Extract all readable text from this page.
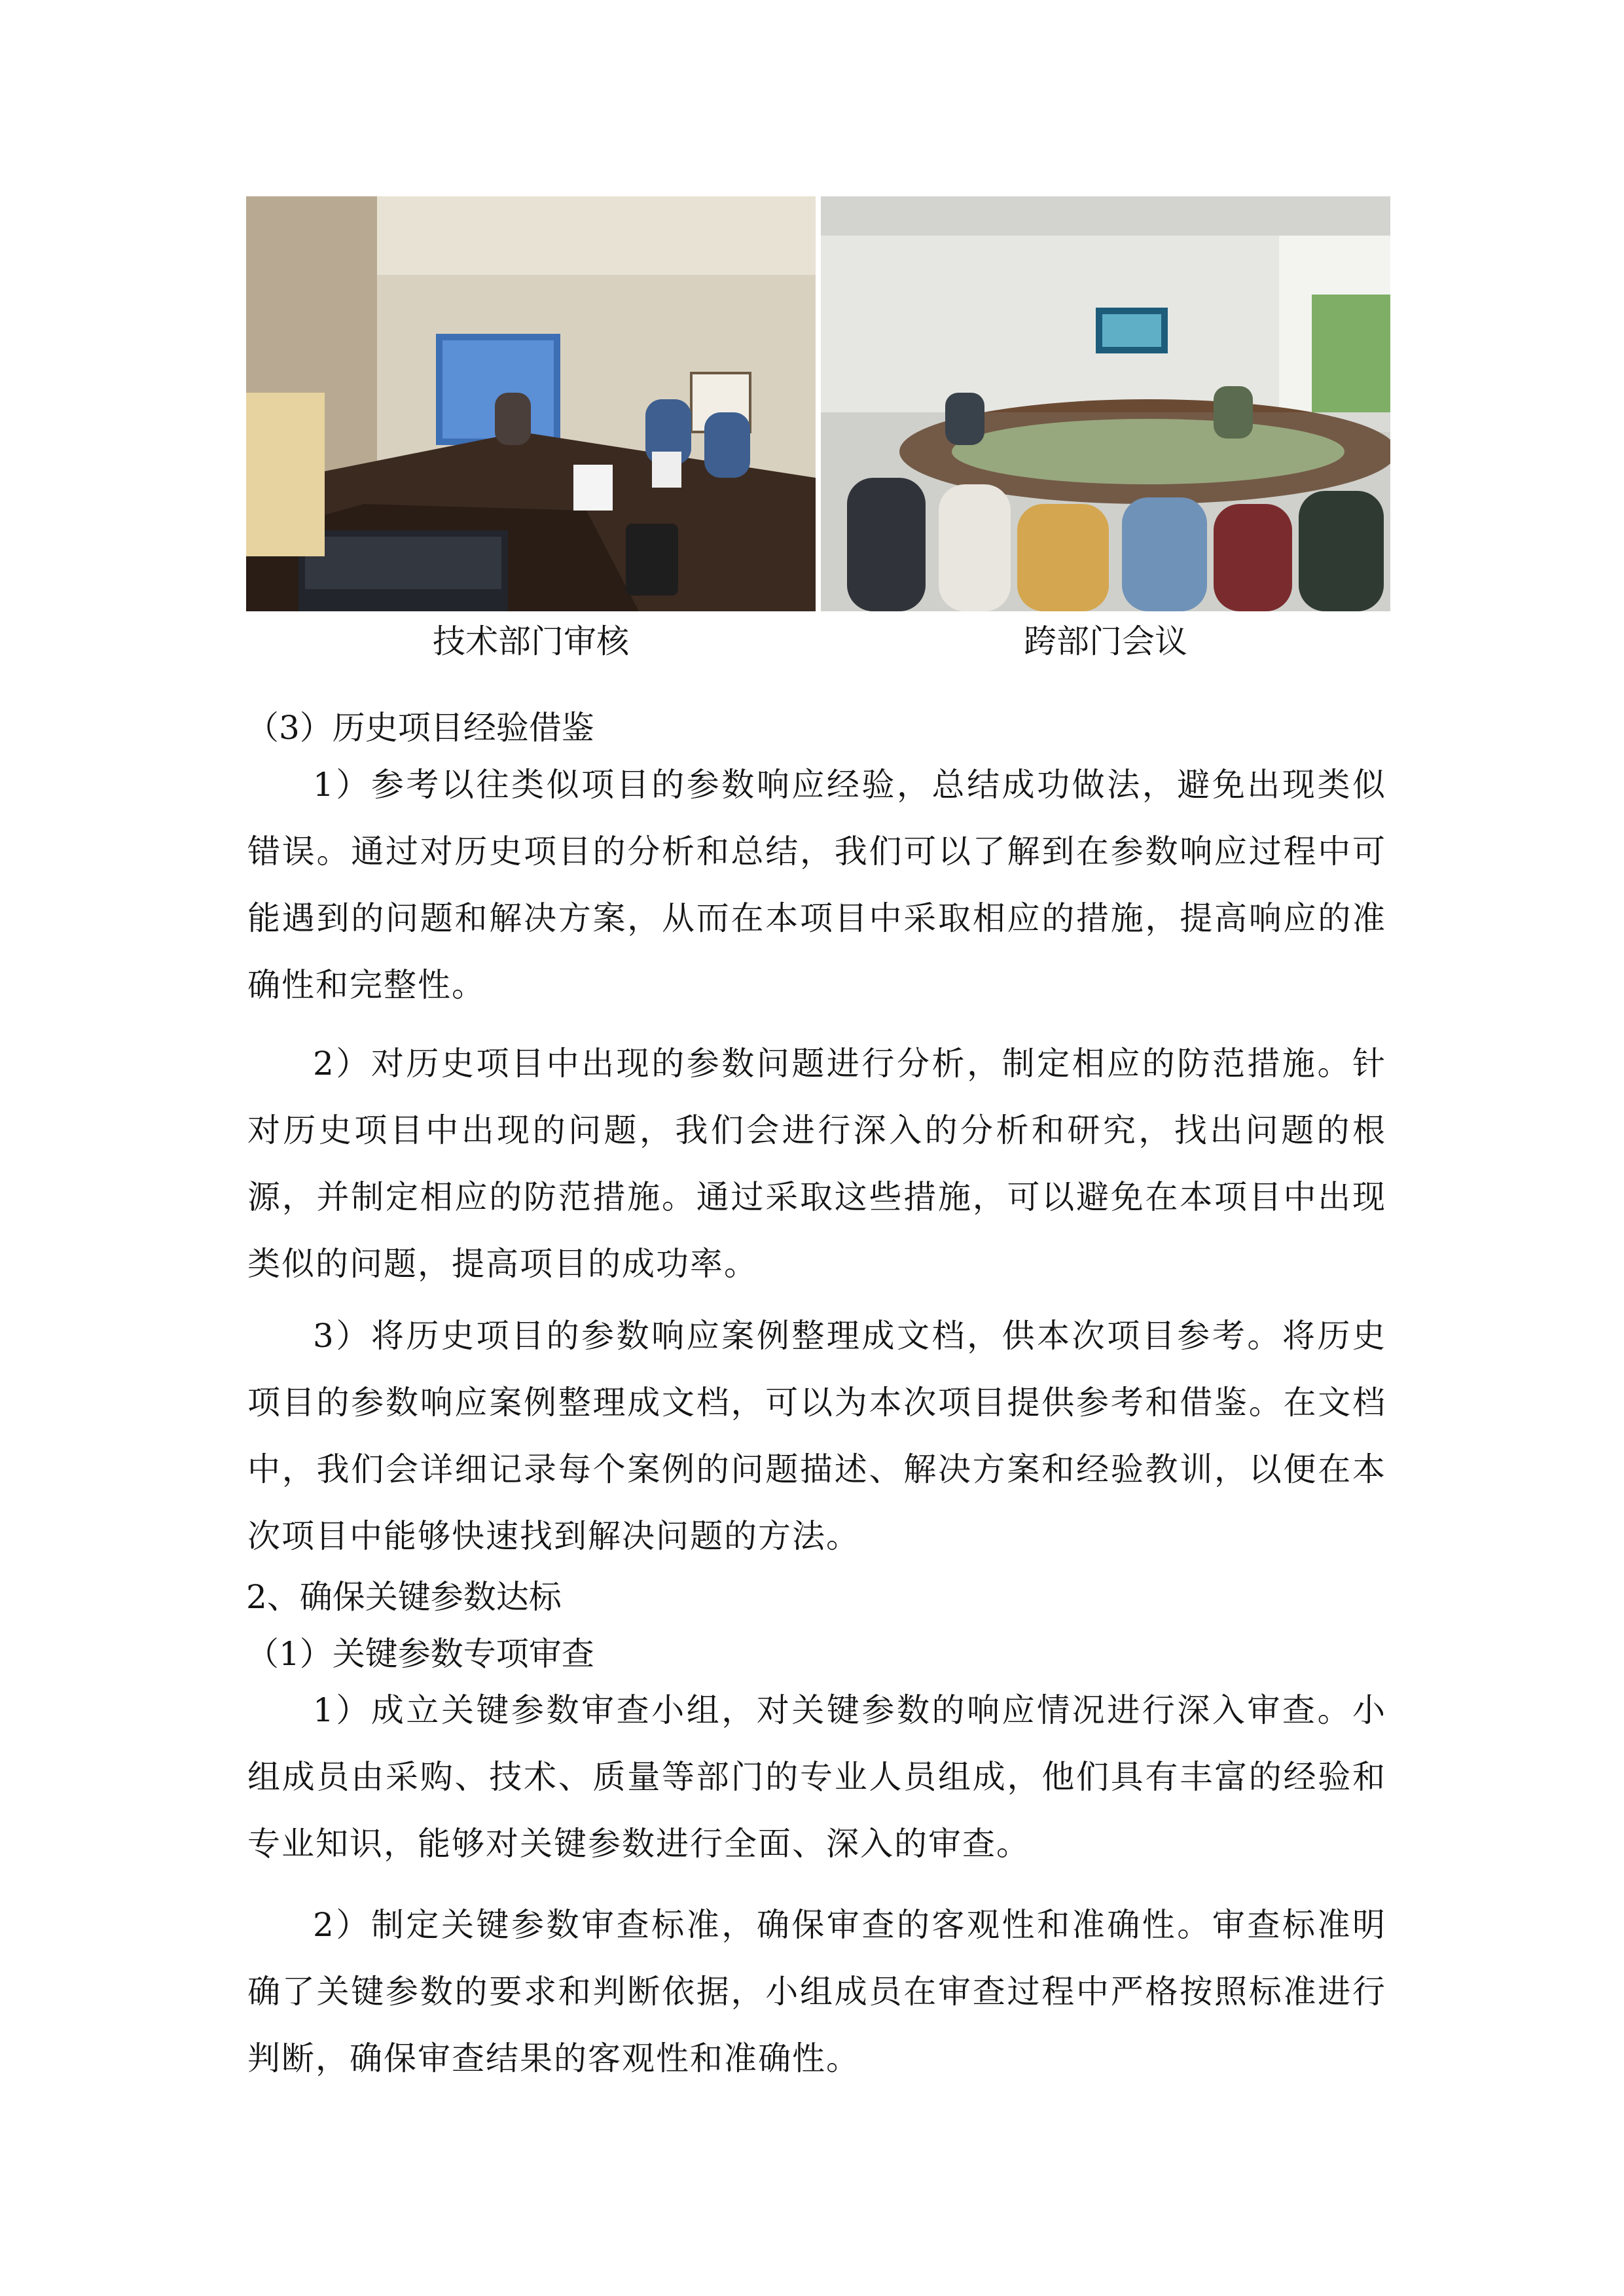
技术部门审核	跨部门会议
（3）历史项目经验借鉴

1）参考以往类似项目的参数响应经验，总结成功做法，避免出现类似错误。通过对历史项目的分析和总结，我们可以了解到在参数响应过程中可能遇到的问题和解决方案，从而在本项目中采取相应的措施，提高响应的准确性和完整性。

2）对历史项目中出现的参数问题进行分析，制定相应的防范措施。针对历史项目中出现的问题，我们会进行深入的分析和研究，找出问题的根源，并制定相应的防范措施。通过采取这些措施，可以避免在本项目中出现类似的问题，提高项目的成功率。

3）将历史项目的参数响应案例整理成文档，供本次项目参考。将历史项目的参数响应案例整理成文档，可以为本次项目提供参考和借鉴。在文档中，我们会详细记录每个案例的问题描述、解决方案和经验教训，以便在本次项目中能够快速找到解决问题的方法。

2、确保关键参数达标
（1）关键参数专项审查

1）成立关键参数审查小组，对关键参数的响应情况进行深入审查。小组成员由采购、技术、质量等部门的专业人员组成，他们具有丰富的经验和专业知识，能够对关键参数进行全面、深入的审查。

2）制定关键参数审查标准，确保审查的客观性和准确性。审查标准明确了关键参数的要求和判断依据，小组成员在审查过程中严格按照标准进行判断，确保审查结果的客观性和准确性。
